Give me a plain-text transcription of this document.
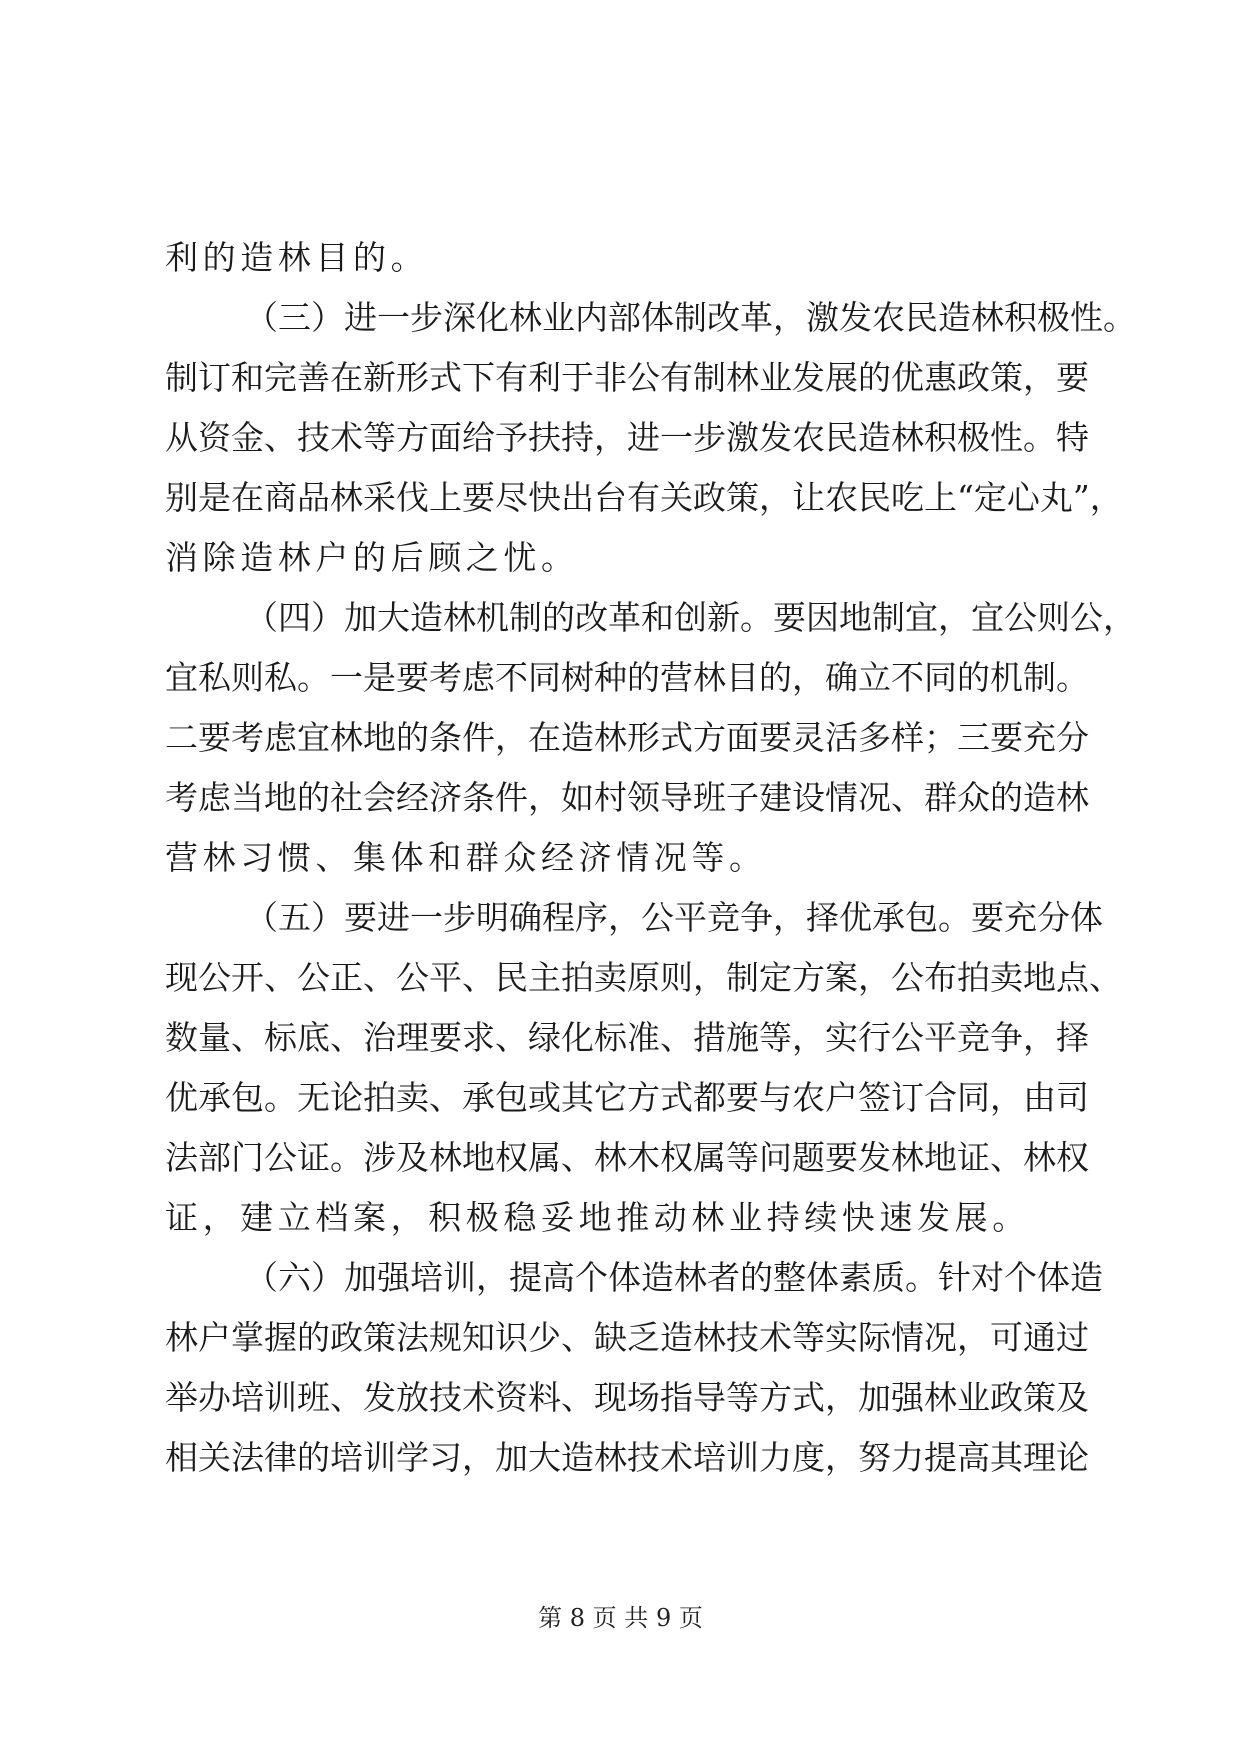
利的造林目的。
（三）进一步深化林业内部体制改革，激发农民造林积极性。
制订和完善在新形式下有利于非公有制林业发展的优惠政策，要
从资金、技术等方面给予扶持，进一步激发农民造林积极性。特
别是在商品林采伐上要尽快出台有关政策，让农民吃上“定心丸”，
消除造林户的后顾之忧。
（四）加大造林机制的改革和创新。要因地制宜，宜公则公，
宜私则私。一是要考虑不同树种的营林目的，确立不同的机制。
二要考虑宜林地的条件，在造林形式方面要灵活多样；三要充分
考虑当地的社会经济条件，如村领导班子建设情况、群众的造林
营林习惯、集体和群众经济情况等。
（五）要进一步明确程序，公平竞争，择优承包。要充分体
现公开、公正、公平、民主拍卖原则，制定方案，公布拍卖地点、
数量、标底、治理要求、绿化标准、措施等，实行公平竞争，择
优承包。无论拍卖、承包或其它方式都要与农户签订合同，由司
法部门公证。涉及林地权属、林木权属等问题要发林地证、林权
证，建立档案，积极稳妥地推动林业持续快速发展。
（六）加强培训，提高个体造林者的整体素质。针对个体造
林户掌握的政策法规知识少、缺乏造林技术等实际情况，可通过
举办培训班、发放技术资料、现场指导等方式，加强林业政策及
相关法律的培训学习，加大造林技术培训力度，努力提高其理论
第 8 页 共 9 页
